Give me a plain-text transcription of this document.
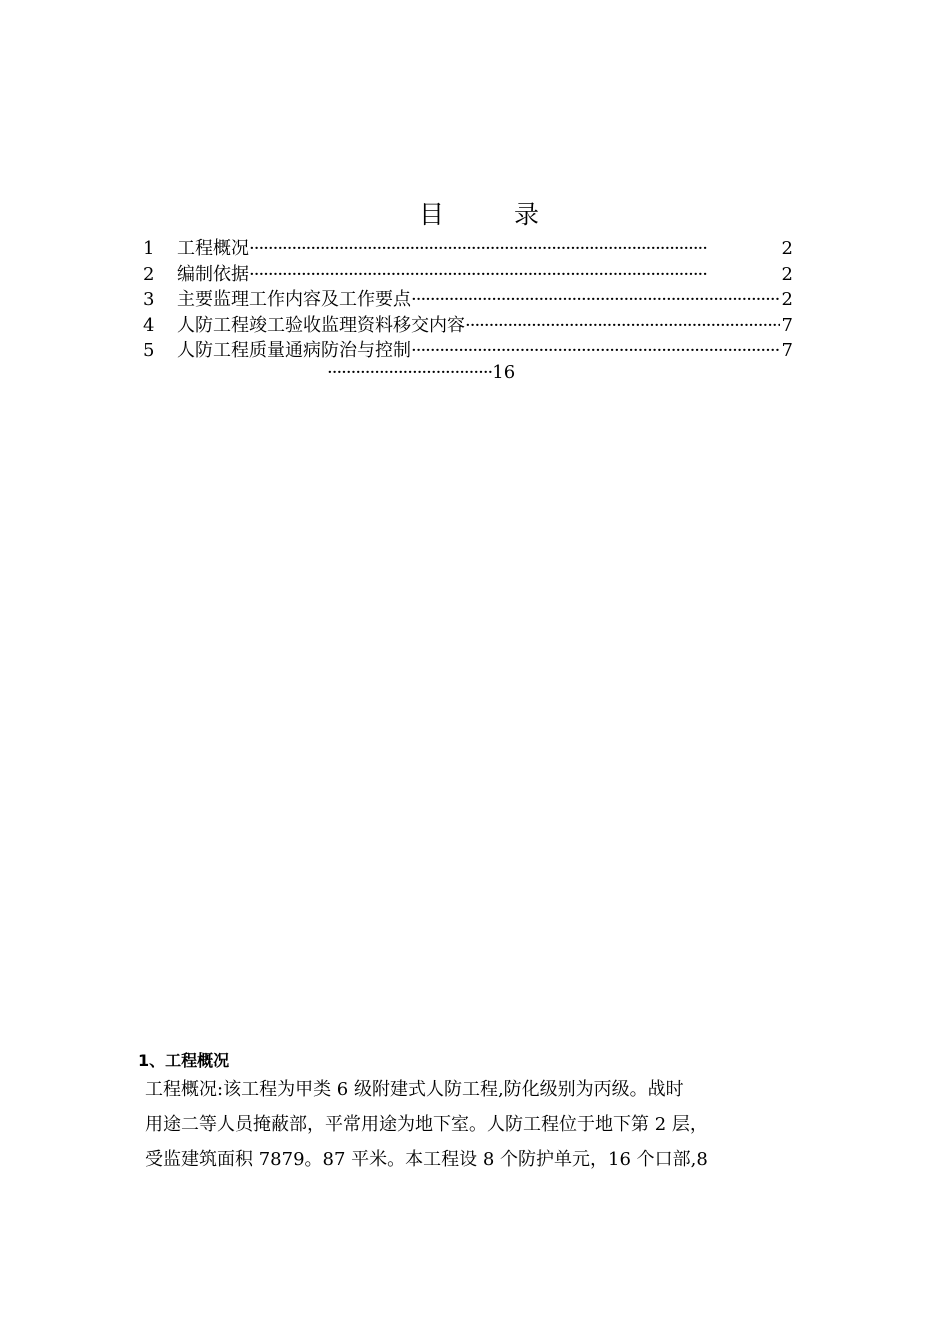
目	录
1	工程概况 ·····	2
2	编制依据 ·····	2
3	主要监理工作内容及工作要点 ·····	2
4	人防工程竣工验收监理资料移交内容 ·····	7
5	人防工程质量通病防治与控制 ·····	7
···································16
1、工程概况
工程概况:该工程为甲类 6 级附建式人防工程,防化级别为丙级。战时
用途二等人员掩蔽部，平常用途为地下室。人防工程位于地下第 2 层，
受监建筑面积 7879。87 平米。本工程设 8 个防护单元，16 个口部,8
